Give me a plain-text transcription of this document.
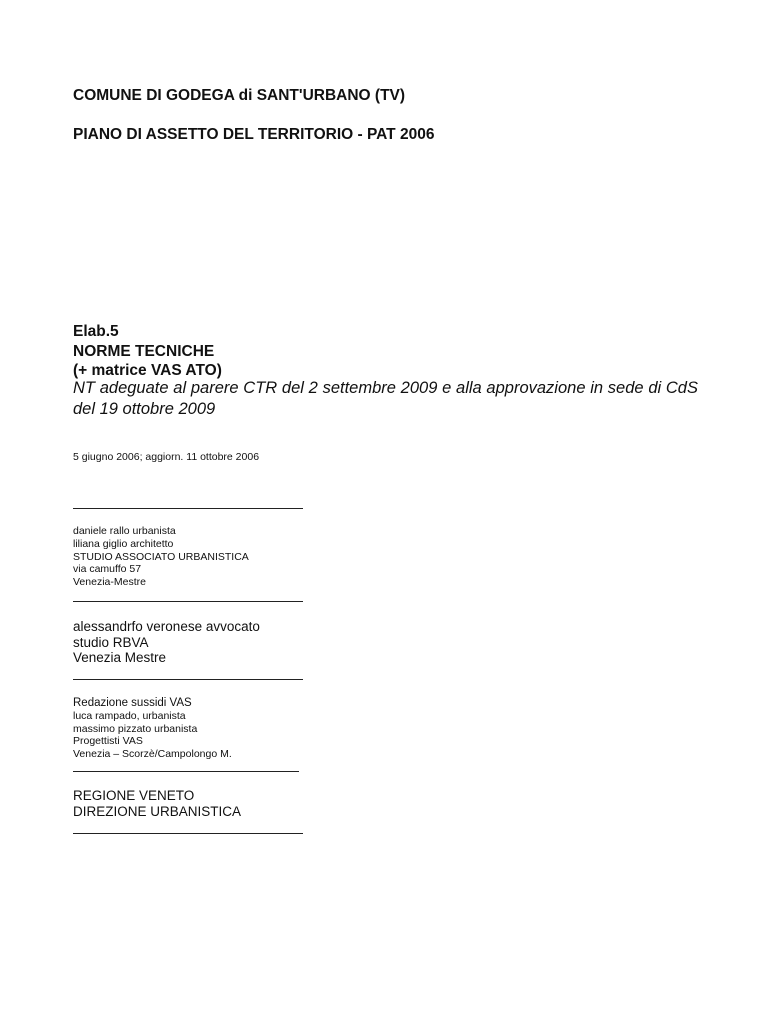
COMUNE DI GODEGA di SANT'URBANO (TV)
PIANO DI ASSETTO DEL TERRITORIO - PAT 2006
Elab.5
NORME TECNICHE
(+ matrice VAS ATO)
NT adeguate al parere CTR del 2 settembre 2009 e alla approvazione in sede di CdS del 19 ottobre 2009
5 giugno 2006; aggiorn. 11 ottobre 2006
daniele rallo urbanista
liliana giglio architetto
STUDIO ASSOCIATO URBANISTICA
via camuffo 57
Venezia-Mestre
alessandrfo veronese avvocato
studio RBVA
Venezia Mestre
Redazione sussidi VAS
luca rampado, urbanista
massimo pizzato urbanista
Progettisti VAS
Venezia – Scorzè/Campolongo M.
REGIONE VENETO
DIREZIONE URBANISTICA
